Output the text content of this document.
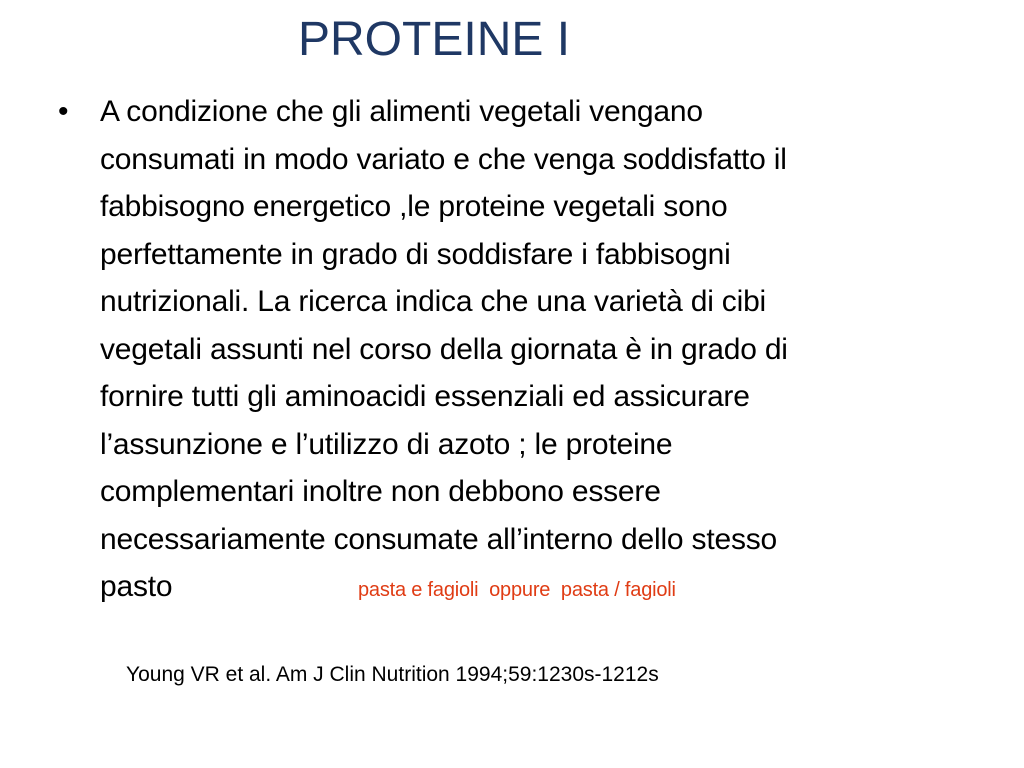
PROTEINE I
• A condizione che gli alimenti vegetali vengano
consumati in modo variato e che venga soddisfatto il
fabbisogno energetico ,le proteine vegetali sono
perfettamente in grado di soddisfare i fabbisogni
nutrizionali. La ricerca indica che una varietà di cibi
vegetali assunti nel corso della giornata è in grado di
fornire tutti gli aminoacidi essenziali ed assicurare
l’assunzione e l’utilizzo di azoto ; le proteine
complementari inoltre non debbono essere
necessariamente consumate all’interno dello stesso
pasto	pasta e fagioli  oppure  pasta / fagioli

Young VR et al. Am J Clin Nutrition 1994;59:1230s-1212s
